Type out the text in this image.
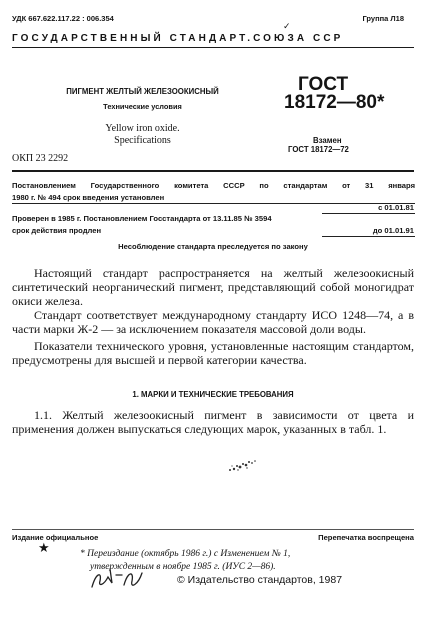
УДК 667.622.117.22 : 006.354	Группа Л18
✓
ГОСУДАРСТВЕННЫЙ СТАНДАРТ.СОЮЗА ССР
ПИГМЕНТ ЖЕЛТЫЙ ЖЕЛЕЗООКИСНЫЙ
Технические условия
Yellow iron oxide.
Specifications
ГОСТ
18172—80*
Взамен
ГОСТ 18172—72
ОКП 23 2292
Постановлением Государственного комитета СССР по стандартам от 31 января
1980 г. № 494 срок введения установлен
с 01.01.81
Проверен в 1985 г. Постановлением Госстандарта от 13.11.85 № 3594
срок действия продлен	до 01.01.91
Несоблюдение стандарта преследуется по закону

Настоящий стандарт распространяется на желтый железоокисный синтетический неорганический пигмент, представляющий собой моногидрат окиси железа.

Стандарт соответствует международному стандарту ИСО 1248—74, а в части марки Ж-2 — за исключением показателя массовой доли воды.

Показатели технического уровня, установленные настоящим стандартом, предусмотрены для высшей и первой категории качества.

1. МАРКИ И ТЕХНИЧЕСКИЕ ТРЕБОВАНИЯ

1.1. Желтый железоокисный пигмент в зависимости от цвета и применения должен выпускаться следующих марок, указанных в табл. 1.

Издание официальное	Перепечатка воспрещена
★	* Переиздание (октябрь 1986 г.) с Изменением № 1,
утвержденным в ноябре 1985 г. (ИУС 2—86).
© Издательство стандартов, 1987
